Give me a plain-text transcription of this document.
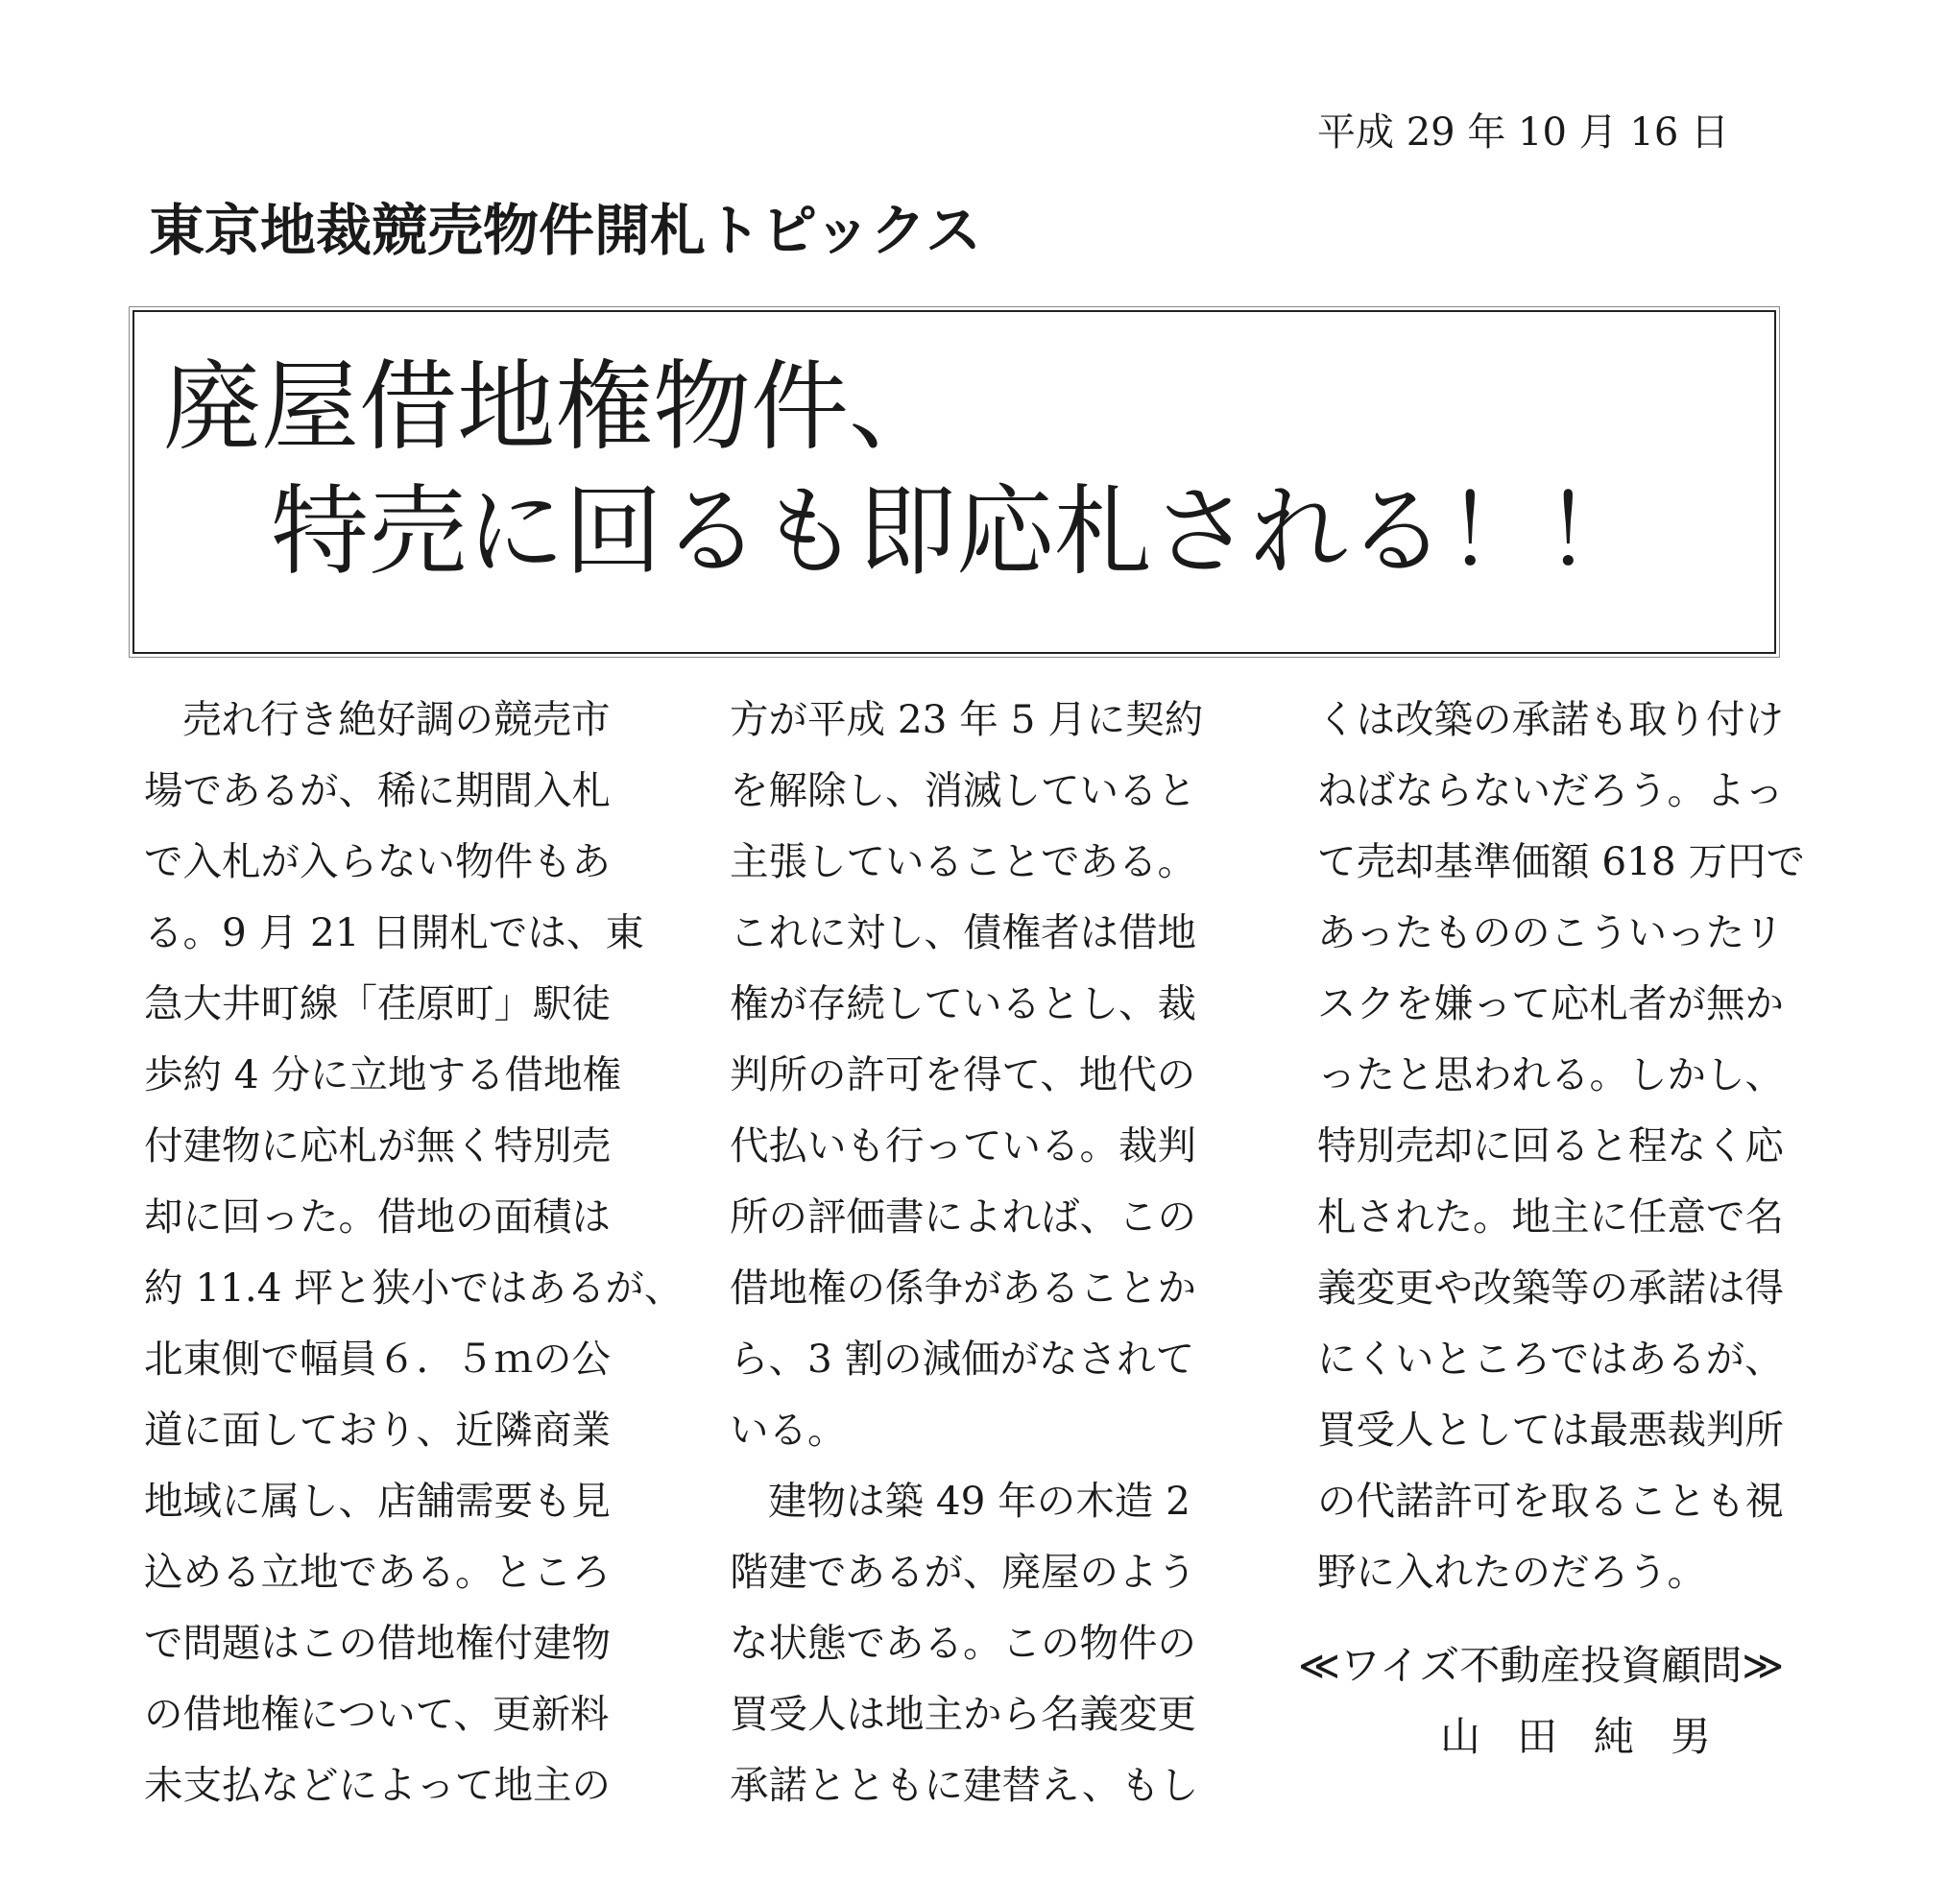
平成 29 年 10 月 16 日
東京地裁競売物件開札トピックス
廃屋借地権物件、
特売に回るも即応札される！！
売れ行き絶好調の競売市
場であるが、稀に期間入札
で入札が入らない物件もあ
る。9 月 21 日開札では、東
急大井町線「荏原町」駅徒
歩約 4 分に立地する借地権
付建物に応札が無く特別売
却に回った。借地の面積は
約 11.4 坪と狭小ではあるが、
北東側で幅員６．５ｍの公
道に面しており、近隣商業
地域に属し、店舗需要も見
込める立地である。ところ
で問題はこの借地権付建物
の借地権について、更新料
未支払などによって地主の
方が平成 23 年 5 月に契約
を解除し、消滅していると
主張していることである。
これに対し、債権者は借地
権が存続しているとし、裁
判所の許可を得て、地代の
代払いも行っている。裁判
所の評価書によれば、この
借地権の係争があることか
ら、3 割の減価がなされて
いる。
建物は築 49 年の木造 2
階建であるが、廃屋のよう
な状態である。この物件の
買受人は地主から名義変更
承諾とともに建替え、もし
くは改築の承諾も取り付け
ねばならないだろう。よっ
て売却基準価額 618 万円で
あったもののこういったリ
スクを嫌って応札者が無か
ったと思われる。しかし、
特別売却に回ると程なく応
札された。地主に任意で名
義変更や改築等の承諾は得
にくいところではあるが、
買受人としては最悪裁判所
の代諾許可を取ることも視
野に入れたのだろう。
≪ワイズ不動産投資顧問≫
山田純男
